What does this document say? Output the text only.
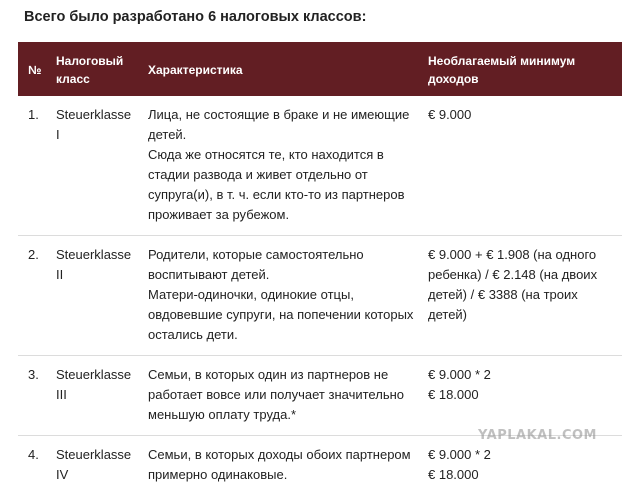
Всего было разработано 6 налоговых классов:
№	Налоговый класс	Характеристика	Необлагаемый минимум доходов
1.	Steuerklasse I	Лица, не состоящие в браке и не имеющие детей.
Сюда же относятся те, кто находится в стадии развода и живет отдельно от супруга(и), в т. ч. если кто-то из партнеров проживает за рубежом.	€ 9.000

2.	Steuerklasse II	Родители, которые самостоятельно воспитывают детей.
Матери-одиночки, одинокие отцы, овдовевшие супруги, на попечении которых остались дети.	€ 9.000 + € 1.908 (на одного ребенка) / € 2.148 (на двоих детей) / € 3388 (на троих детей)

3.	Steuerklasse III	Семьи, в которых один из партнеров не работает вовсе или получает значительно меньшую оплату труда.*	€ 9.000 * 2
€ 18.000

4.	Steuerklasse IV	Семьи, в которых доходы обоих партнером примерно одинаковые.	€ 9.000 * 2
€ 18.000
YAPLAKAL.COM
